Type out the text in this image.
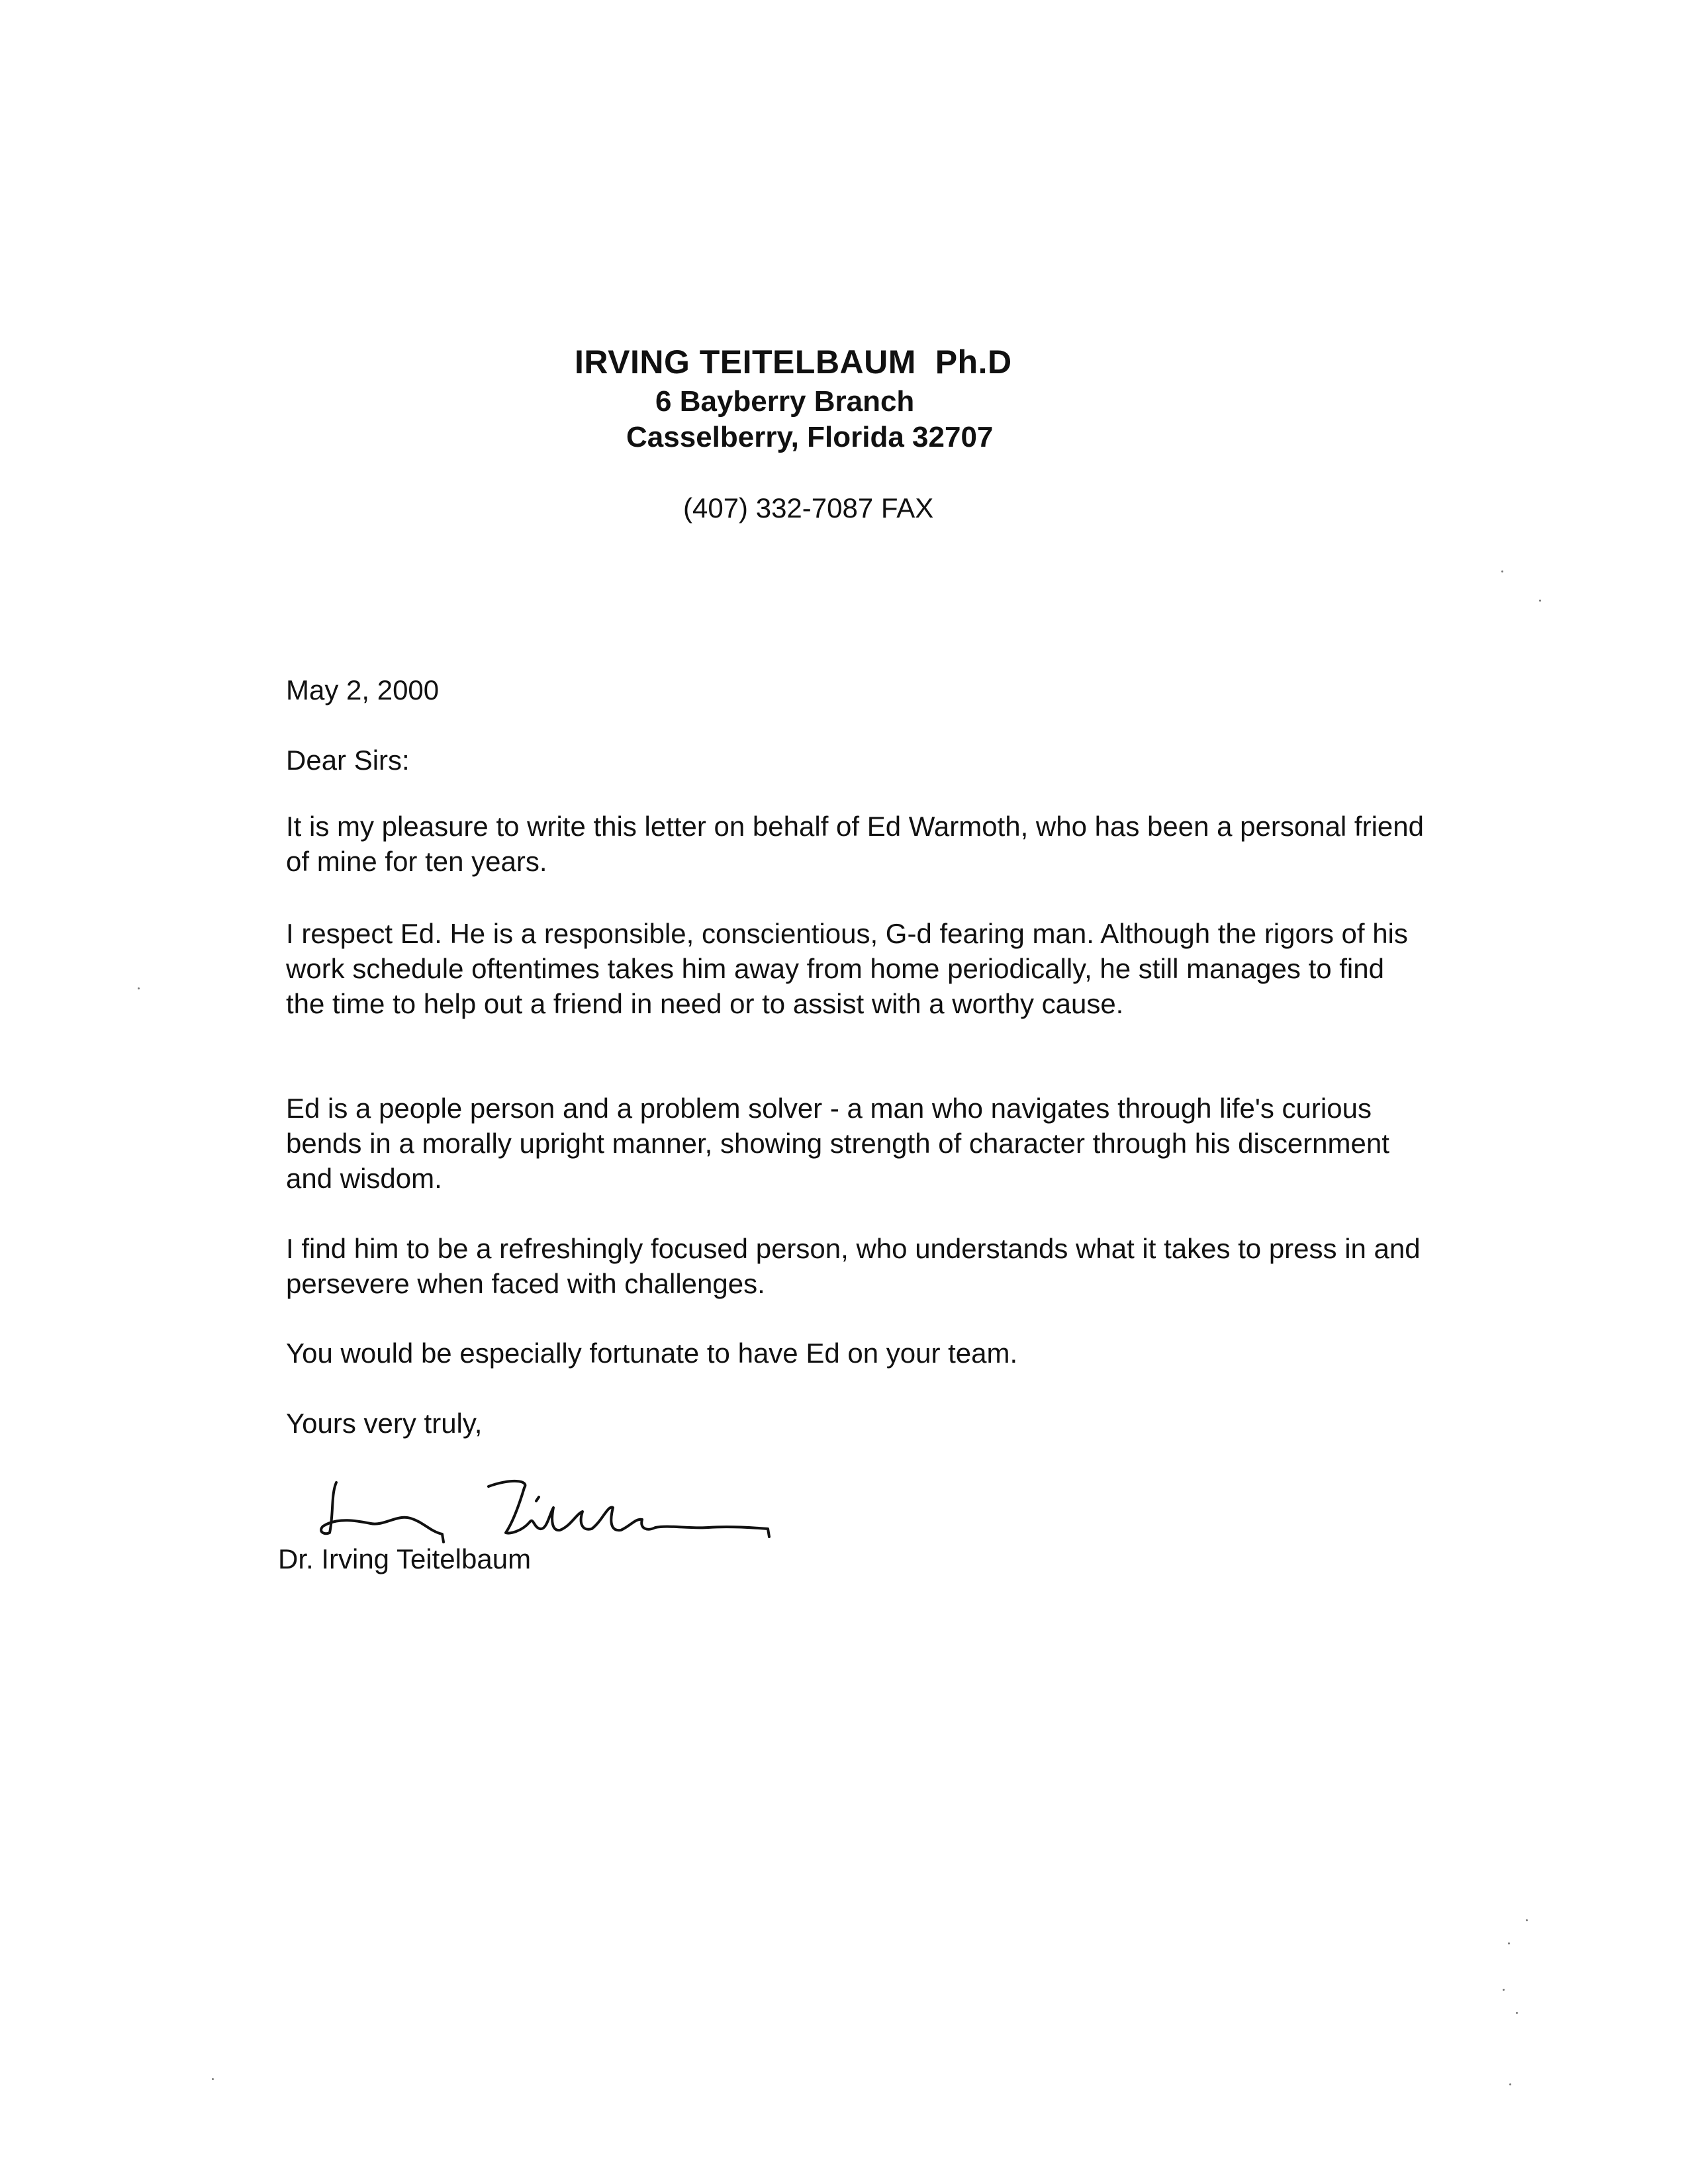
IRVING TEITELBAUM  Ph.D
6 Bayberry Branch
Casselberry, Florida 32707
(407) 332-7087 FAX
May 2, 2000
Dear Sirs:
It is my pleasure to write this letter on behalf of Ed Warmoth, who has been a personal friend of mine for ten years.
I respect Ed. He is a responsible, conscientious, G-d fearing man. Although the rigors of his work schedule oftentimes takes him away from home periodically, he still manages to find the time to help out a friend in need or to assist with a worthy cause.
Ed is a people person and a problem solver - a man who navigates through life's curious bends in a morally upright manner, showing strength of character through his discernment and wisdom.
I find him to be a refreshingly focused person, who understands what it takes to press in and persevere when faced with challenges.
You would be especially fortunate to have Ed on your team.
Yours very truly,
Dr. Irving Teitelbaum
